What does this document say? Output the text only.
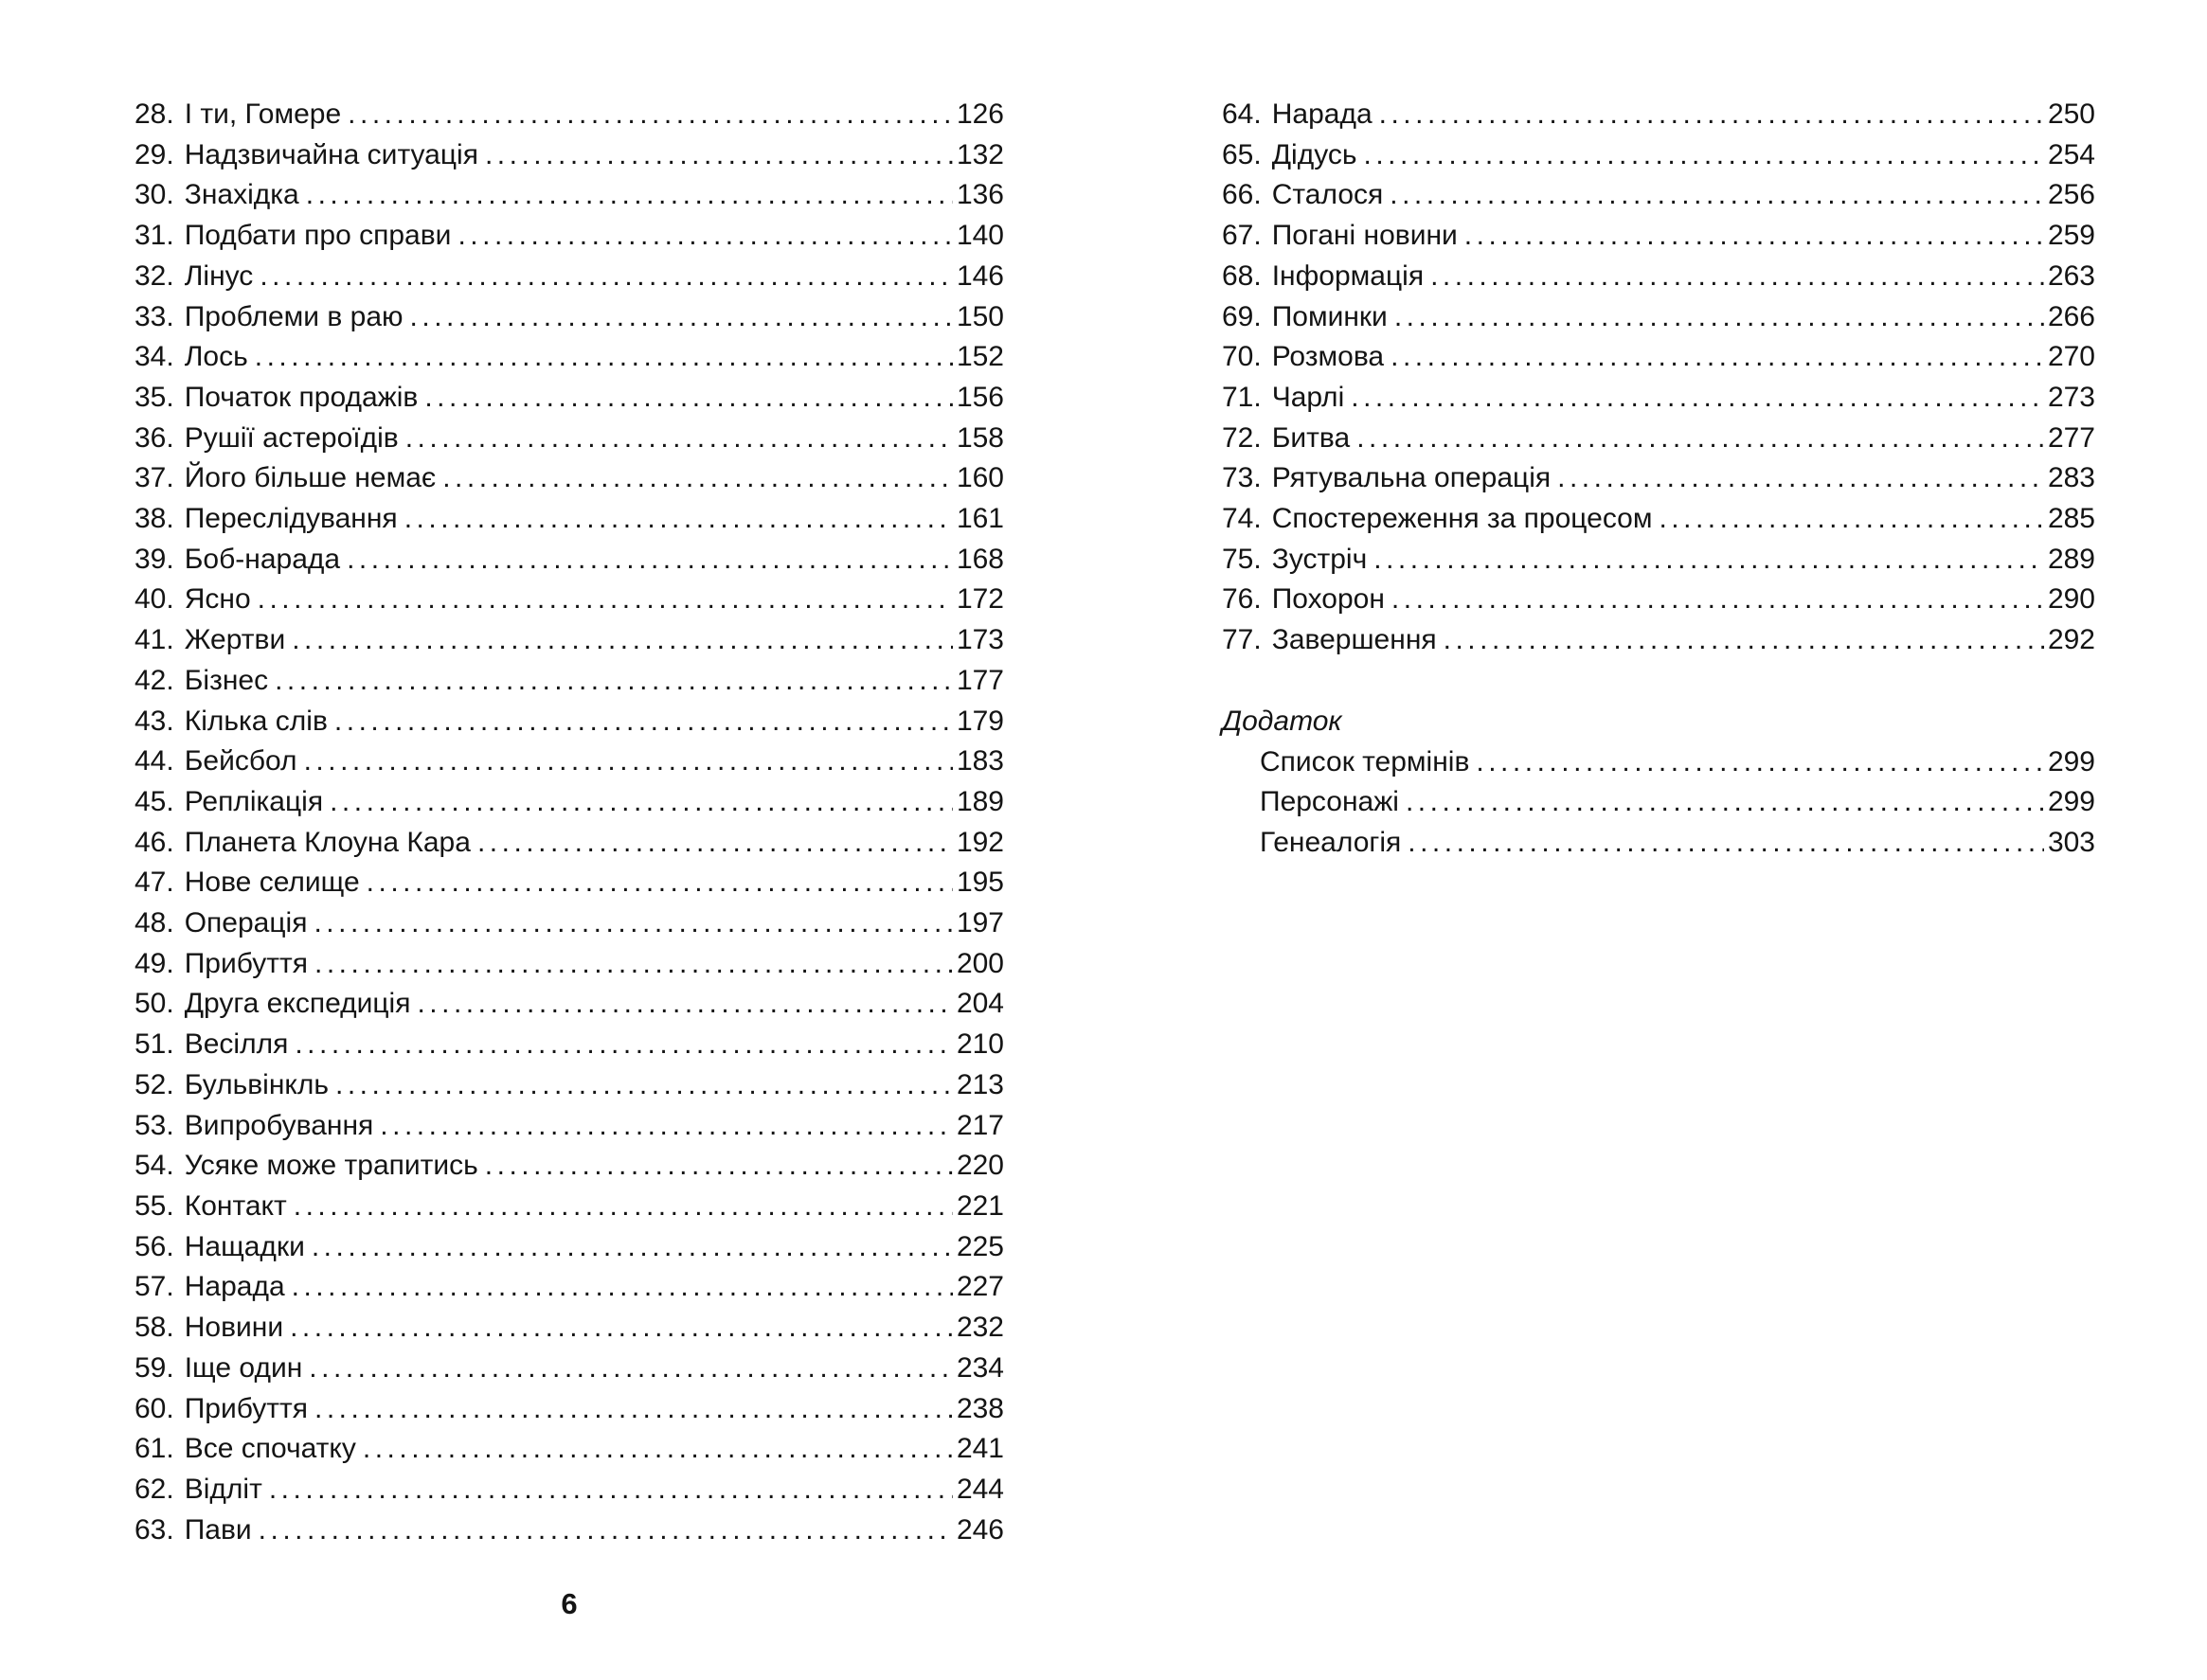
28. І ти, Гомере .....	126
29. Надзвичайна ситуація .....	132
30. Знахідка .....	136
31. Подбати про справи .....	140
32. Лінус .....	146
33. Проблеми в раю .....	150
34. Лось .....	152
35. Початок продажів .....	156
36. Рушії астероїдів .....	158
37. Його більше немає .....	160
38. Переслідування .....	161
39. Боб-нарада .....	168
40. Ясно .....	172
41. Жертви .....	173
42. Бізнес .....	177
43. Кілька слів .....	179
44. Бейсбол .....	183
45. Реплікація .....	189
46. Планета Клоуна Кара .....	192
47. Нове селище .....	195
48. Операція .....	197
49. Прибуття .....	200
50. Друга експедиція .....	204
51. Весілля .....	210
52. Бульвінкль .....	213
53. Випробування .....	217
54. Усяке може трапитись .....	220
55. Контакт .....	221
56. Нащадки .....	225
57. Нарада .....	227
58. Новини .....	232
59. Іще один .....	234
60. Прибуття .....	238
61. Все спочатку .....	241
62. Відліт .....	244
63. Пави .....	246
64. Нарада .....	250
65. Дідусь .....	254
66. Сталося .....	256
67. Погані новини .....	259
68. Інформація .....	263
69. Поминки .....	266
70. Розмова .....	270
71. Чарлі .....	273
72. Битва .....	277
73. Рятувальна операція .....	283
74. Спостереження за процесом .....	285
75. Зустріч .....	289
76. Похорон .....	290
77. Завершення .....	292
Додаток
Список термінів .....	299
Персонажі .....	299
Генеалогія .....	303
6
